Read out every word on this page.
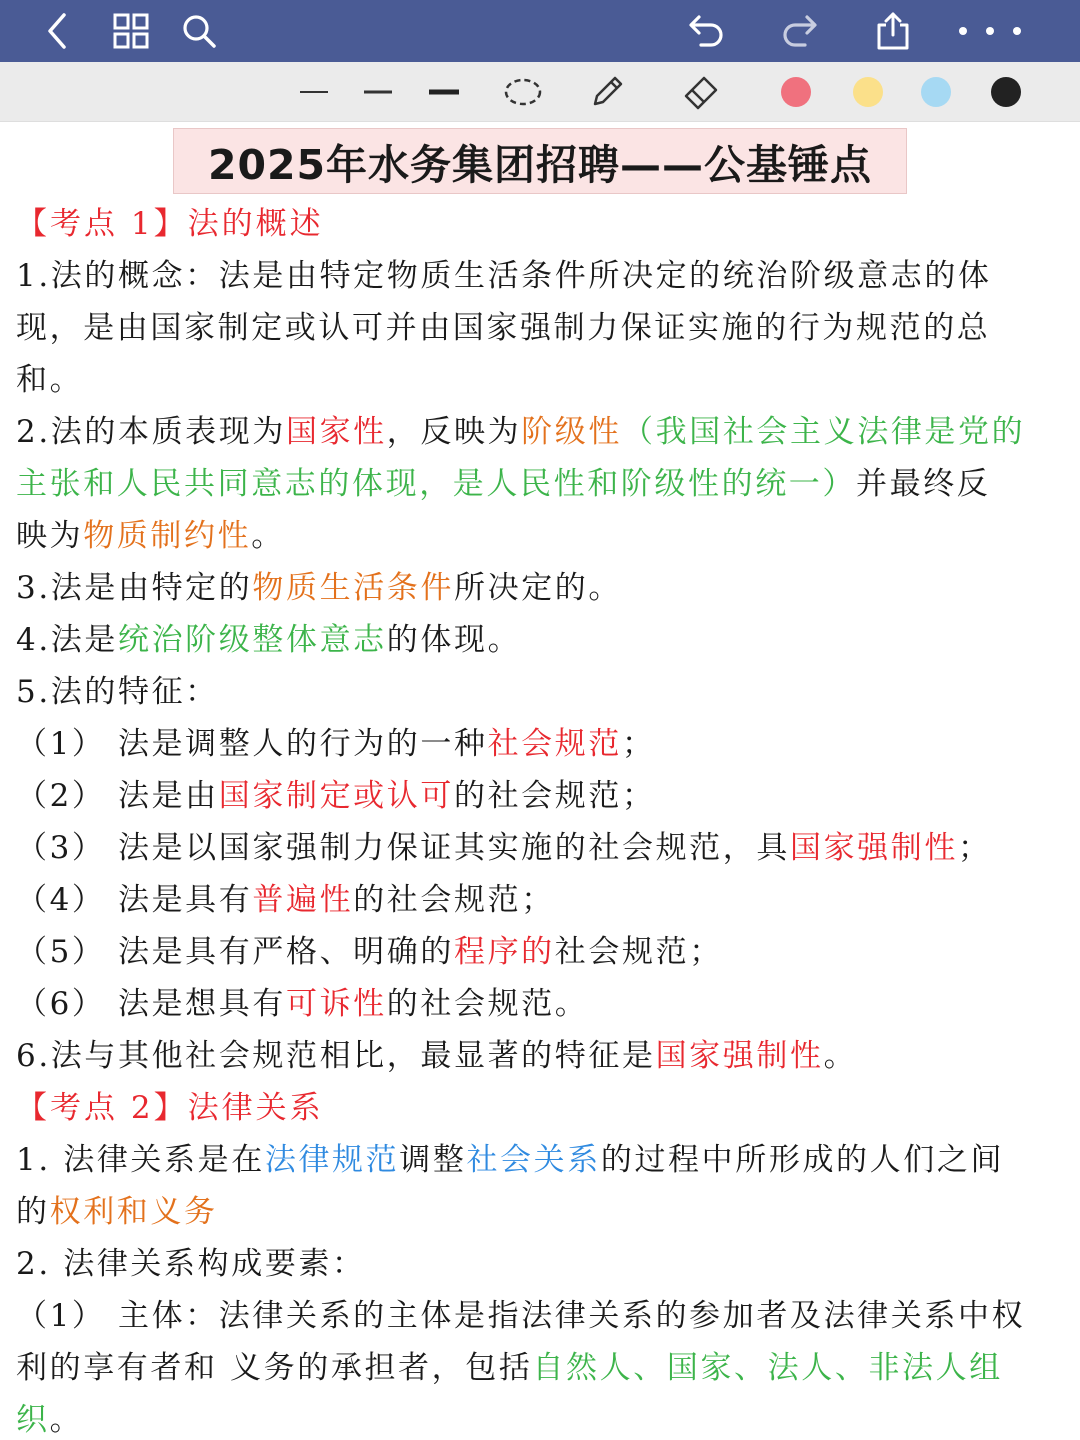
2025年水务集团招聘——公基锤点
【考点 1】法的概述
1.法的概念：法是由特定物质生活条件所决定的统治阶级意志的体
现，是由国家制定或认可并由国家强制力保证实施的行为规范的总
和。
2.法的本质表现为国家性，反映为阶级性（我国社会主义法律是党的
主张和人民共同意志的体现，是人民性和阶级性的统一）并最终反
映为物质制约性。
3.法是由特定的物质生活条件所决定的。
4.法是统治阶级整体意志的体现。
5.法的特征：
（1） 法是调整人的行为的一种社会规范；
（2） 法是由国家制定或认可的社会规范；
（3） 法是以国家强制力保证其实施的社会规范，具国家强制性；
（4） 法是具有普遍性的社会规范；
（5） 法是具有严格、明确的程序的社会规范；
（6） 法是想具有可诉性的社会规范。
6.法与其他社会规范相比，最显著的特征是国家强制性。
【考点 2】法律关系
1. 法律关系是在法律规范调整社会关系的过程中所形成的人们之间
的权利和义务
2. 法律关系构成要素：
（1） 主体：法律关系的主体是指法律关系的参加者及法律关系中权
利的享有者和 义务的承担者，包括自然人、国家、法人、非法人组
织。
